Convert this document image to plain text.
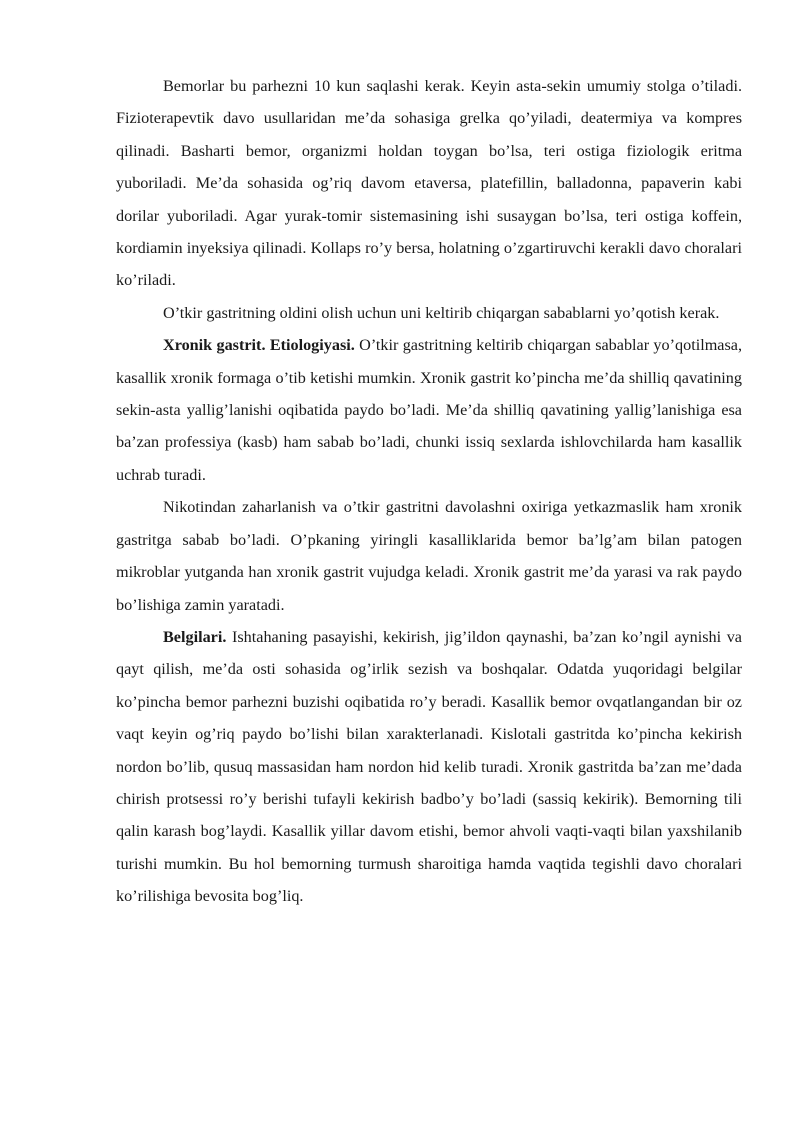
Bemorlar bu parhezni 10 kun saqlashi kerak. Keyin asta-sekin umumiy stolga o’tiladi. Fizioterapevtik davo usullaridan me’da sohasiga grelka qo’yiladi, deatermiya va kompres qilinadi. Basharti bemor, organizmi holdan toygan bo’lsa, teri ostiga fiziologik eritma yuboriladi. Me’da sohasida og’riq davom etaversa, platefillin, balladonna, papaverin kabi dorilar yuboriladi. Agar yurak-tomir sistemasining ishi susaygan bo’lsa, teri ostiga koffein, kordiamin inyeksiya qilinadi. Kollaps ro’y bersa, holatning o’zgartiruvchi kerakli davo choralari ko’riladi.

O’tkir gastritning oldini olish uchun uni keltirib chiqargan sabablarni yo’qotish kerak.

Xronik gastrit. Etiologiyasi. O’tkir gastritning keltirib chiqargan sabablar yo’qotilmasa, kasallik xronik formaga o’tib ketishi mumkin. Xronik gastrit ko’pincha me’da shilliq qavatining sekin-asta yallig’lanishi oqibatida paydo bo’ladi. Me’da shilliq qavatining yallig’lanishiga esa ba’zan professiya (kasb) ham sabab bo’ladi, chunki issiq sexlarda ishlovchilarda ham kasallik uchrab turadi.

Nikotindan zaharlanish va o’tkir gastritni davolashni oxiriga yetkazmaslik ham xronik gastritga sabab bo’ladi. O’pkaning yiringli kasalliklarida bemor ba’lg’am bilan patogen mikroblar yutganda han xronik gastrit vujudga keladi. Xronik gastrit me’da yarasi va rak paydo bo’lishiga zamin yaratadi.

Belgilari. Ishtahaning pasayishi, kekirish, jig’ildon qaynashi, ba’zan ko’ngil aynishi va qayt qilish, me’da osti sohasida og’irlik sezish va boshqalar. Odatda yuqoridagi belgilar ko’pincha bemor parhezni buzishi oqibatida ro’y beradi. Kasallik bemor ovqatlangandan bir oz vaqt keyin og’riq paydo bo’lishi bilan xarakterlanadi. Kislotali gastritda ko’pincha kekirish nordon bo’lib, qusuq massasidan ham nordon hid kelib turadi. Xronik gastritda ba’zan me’dada chirish protsessi ro’y berishi tufayli kekirish badbo’y bo’ladi (sassiq kekirik). Bemorning tili qalin karash bog’laydi. Kasallik yillar davom etishi, bemor ahvoli vaqti-vaqti bilan yaxshilanib turishi mumkin. Bu hol bemorning turmush sharoitiga hamda vaqtida tegishli davo choralari ko’rilishiga bevosita bog’liq.
